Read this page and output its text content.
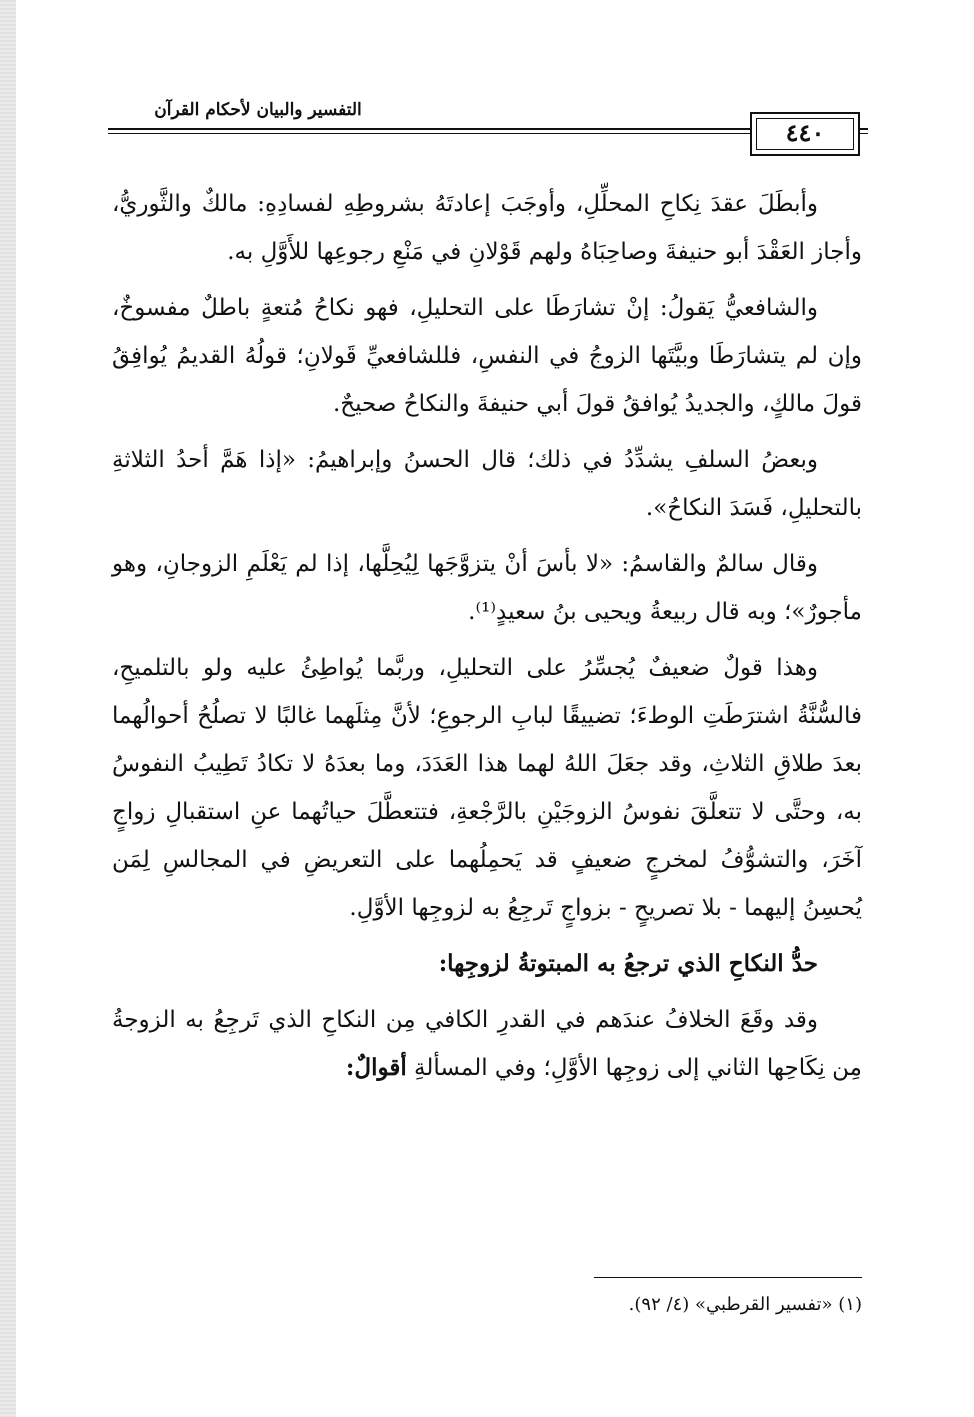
التفسير والبيان لأحكام القرآن
٤٤٠

وأبطَلَ عقدَ نِكاحِ المحلِّلِ، وأوجَبَ إعادتَهُ بشروطِهِ لفسادِهِ: مالكٌ والثَّوريُّ، وأجاز العَقْدَ أبو حنيفةَ وصاحِبَاهُ ولهم قَوْلانِ في مَنْعِ رجوعِها للأَوَّلِ به.

والشافعيُّ يَقولُ: إنْ تشارَطَا على التحليلِ، فهو نكاحُ مُتعةٍ باطلٌ مفسوخٌ، وإن لم يتشارَطَا وبيَّتَها الزوجُ في النفسِ، فللشافعيِّ قَولانِ؛ قولُهُ القديمُ يُوافِقُ قولَ مالكٍ، والجديدُ يُوافقُ قولَ أبي حنيفةَ والنكاحُ صحيحٌ.

وبعضُ السلفِ يشدِّدُ في ذلك؛ قال الحسنُ وإبراهيمُ: «إذا هَمَّ أحدُ الثلاثةِ بالتحليلِ، فَسَدَ النكاحُ».

وقال سالمٌ والقاسمُ: «لا بأسَ أنْ يتزوَّجَها لِيُحِلَّها، إذا لم يَعْلَمِ الزوجانِ، وهو مأجورٌ»؛ وبه قال ربيعةُ ويحيى بنُ سعيدٍ⁽¹⁾.

وهذا قولٌ ضعيفٌ يُجسِّرُ على التحليلِ، وربَّما يُواطِئُ عليه ولو بالتلميحِ، فالسُّنَّةُ اشترَطَتِ الوطءَ؛ تضييقًا لبابِ الرجوعِ؛ لأنَّ مِثلَهما غالبًا لا تصلُحُ أحوالُهما بعدَ طلاقِ الثلاثِ، وقد جعَلَ اللهُ لهما هذا العَدَدَ، وما بعدَهُ لا تكادُ تَطِيبُ النفوسُ به، وحتَّى لا تتعلَّقَ نفوسُ الزوجَيْنِ بالرَّجْعةِ، فتتعطَّلَ حياتُهما عنِ استقبالِ زواجٍ آخَرَ، والتشوُّفُ لمخرجٍ ضعيفٍ قد يَحمِلُهما على التعريضِ في المجالسِ لِمَن يُحسِنُ إليهما - بلا تصريحٍ - بزواجٍ تَرجِعُ به لزوجِها الأوَّلِ.

حدُّ النكاحِ الذي ترجعُ به المبتوتةُ لزوجِها:

وقد وقَعَ الخلافُ عندَهم في القدرِ الكافي مِن النكاحِ الذي تَرجِعُ به الزوجةُ مِن نِكَاحِها الثاني إلى زوجِها الأوَّلِ؛ وفي المسألةِ أقوالٌ:

(١) «تفسير القرطبي» (٤/ ٩٢).
